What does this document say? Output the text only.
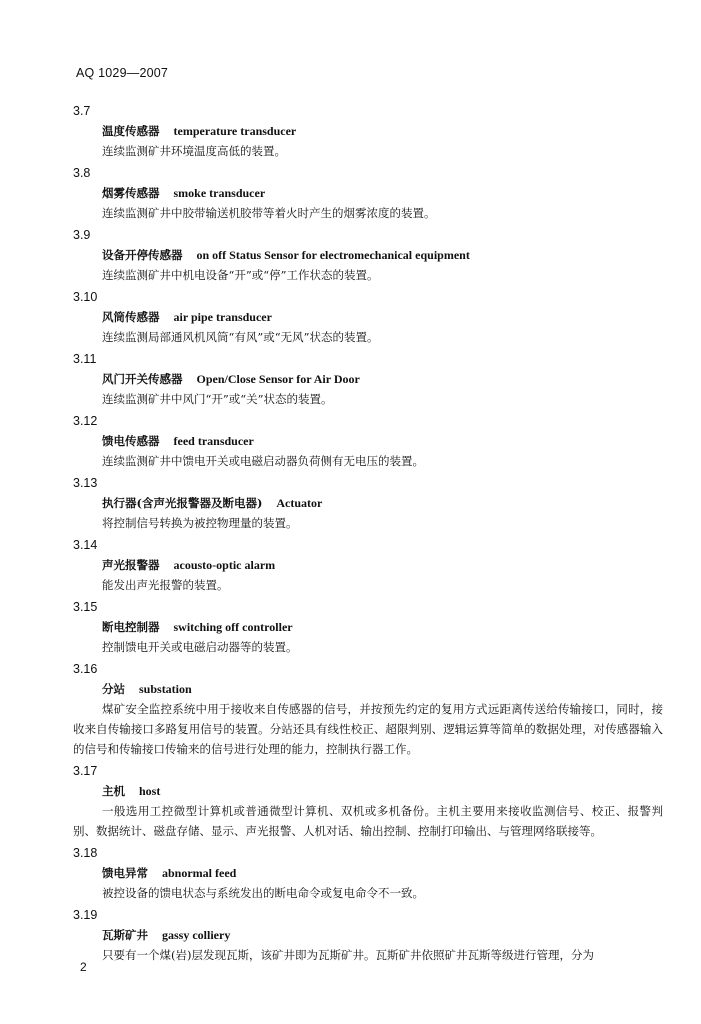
AQ 1029—2007
3.7
温度传感器 temperature transducer

连续监测矿井环境温度高低的装置。

3.8
烟雾传感器 smoke transducer

连续监测矿井中胶带输送机胶带等着火时产生的烟雾浓度的装置。

3.9
设备开停传感器 on off Status Sensor for electromechanical equipment

连续监测矿井中机电设备“开”或“停”工作状态的装置。

3.10
风筒传感器 air pipe transducer

连续监测局部通风机风筒“有风”或“无风”状态的装置。

3.11
风门开关传感器 Open/Close Sensor for Air Door

连续监测矿井中风门“开”或“关”状态的装置。

3.12
馈电传感器 feed transducer

连续监测矿井中馈电开关或电磁启动器负荷侧有无电压的装置。

3.13
执行器(含声光报警器及断电器) Actuator

将控制信号转换为被控物理量的装置。

3.14
声光报警器 acousto-optic alarm

能发出声光报警的装置。

3.15
断电控制器 switching off controller

控制馈电开关或电磁启动器等的装置。

3.16
分站 substation

煤矿安全监控系统中用于接收来自传感器的信号，并按预先约定的复用方式远距离传送给传输接口，同时，接收来自传输接口多路复用信号的装置。分站还具有线性校正、超限判别、逻辑运算等简单的数据处理，对传感器输入的信号和传输接口传输来的信号进行处理的能力，控制执行器工作。

3.17
主机 host

一般选用工控微型计算机或普通微型计算机、双机或多机备份。主机主要用来接收监测信号、校正、报警判别、数据统计、磁盘存储、显示、声光报警、人机对话、输出控制、控制打印输出、与管理网络联接等。

3.18
馈电异常 abnormal feed

被控设备的馈电状态与系统发出的断电命令或复电命令不一致。

3.19
瓦斯矿井 gassy colliery

只要有一个煤(岩)层发现瓦斯，该矿井即为瓦斯矿井。瓦斯矿井依照矿井瓦斯等级进行管理，分为

2
